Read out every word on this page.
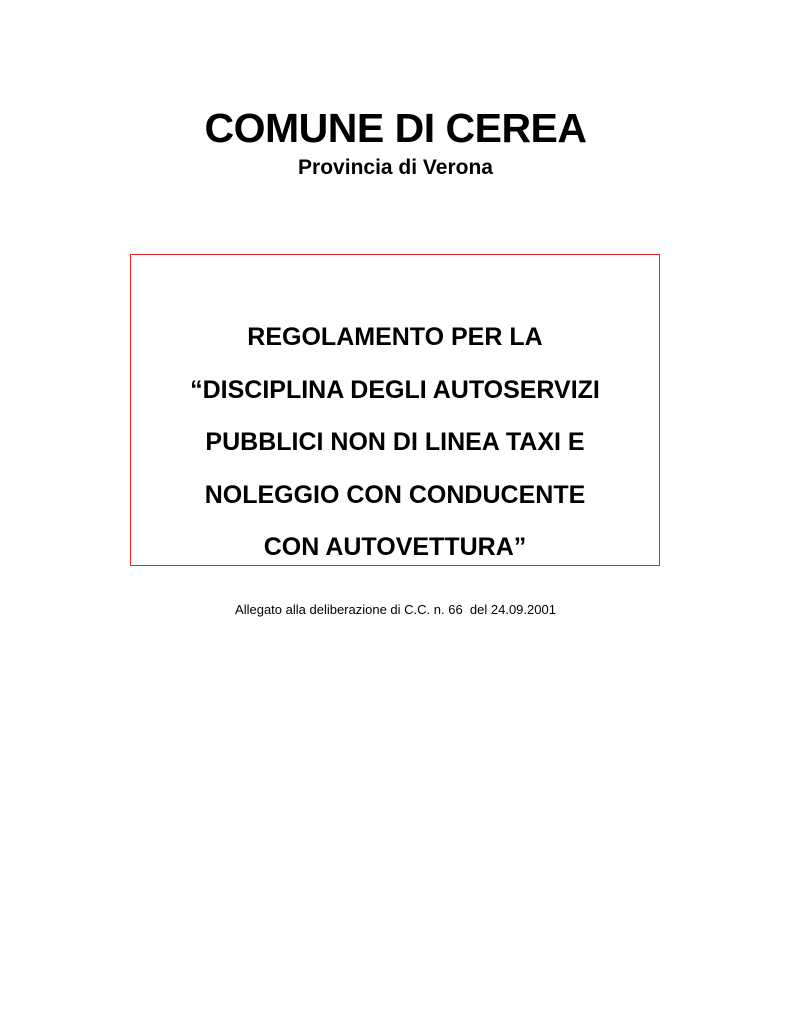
COMUNE DI CEREA
Provincia di Verona
REGOLAMENTO PER LA
“DISCIPLINA DEGLI AUTOSERVIZI
PUBBLICI NON DI LINEA TAXI E
NOLEGGIO CON CONDUCENTE
CON AUTOVETTURA”

Allegato alla deliberazione di C.C. n. 66  del 24.09.2001
